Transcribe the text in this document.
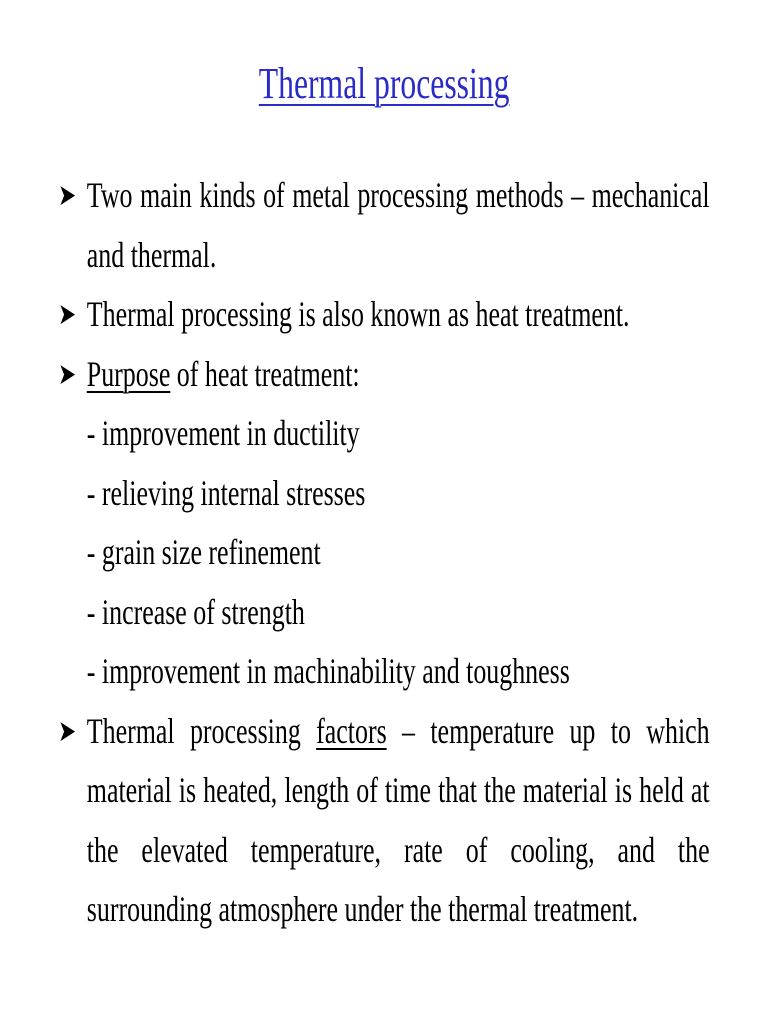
Thermal processing
➤ Two main kinds of metal processing methods – mechanical
and thermal.
➤ Thermal processing is also known as heat treatment.
➤ Purpose of heat treatment:
- improvement in ductility
- relieving internal stresses
- grain size refinement
- increase of strength
- improvement in machinability and toughness
➤ Thermal processing factors – temperature up to which
material is heated, length of time that the material is held at
the elevated temperature, rate of cooling, and the
surrounding atmosphere under the thermal treatment.
